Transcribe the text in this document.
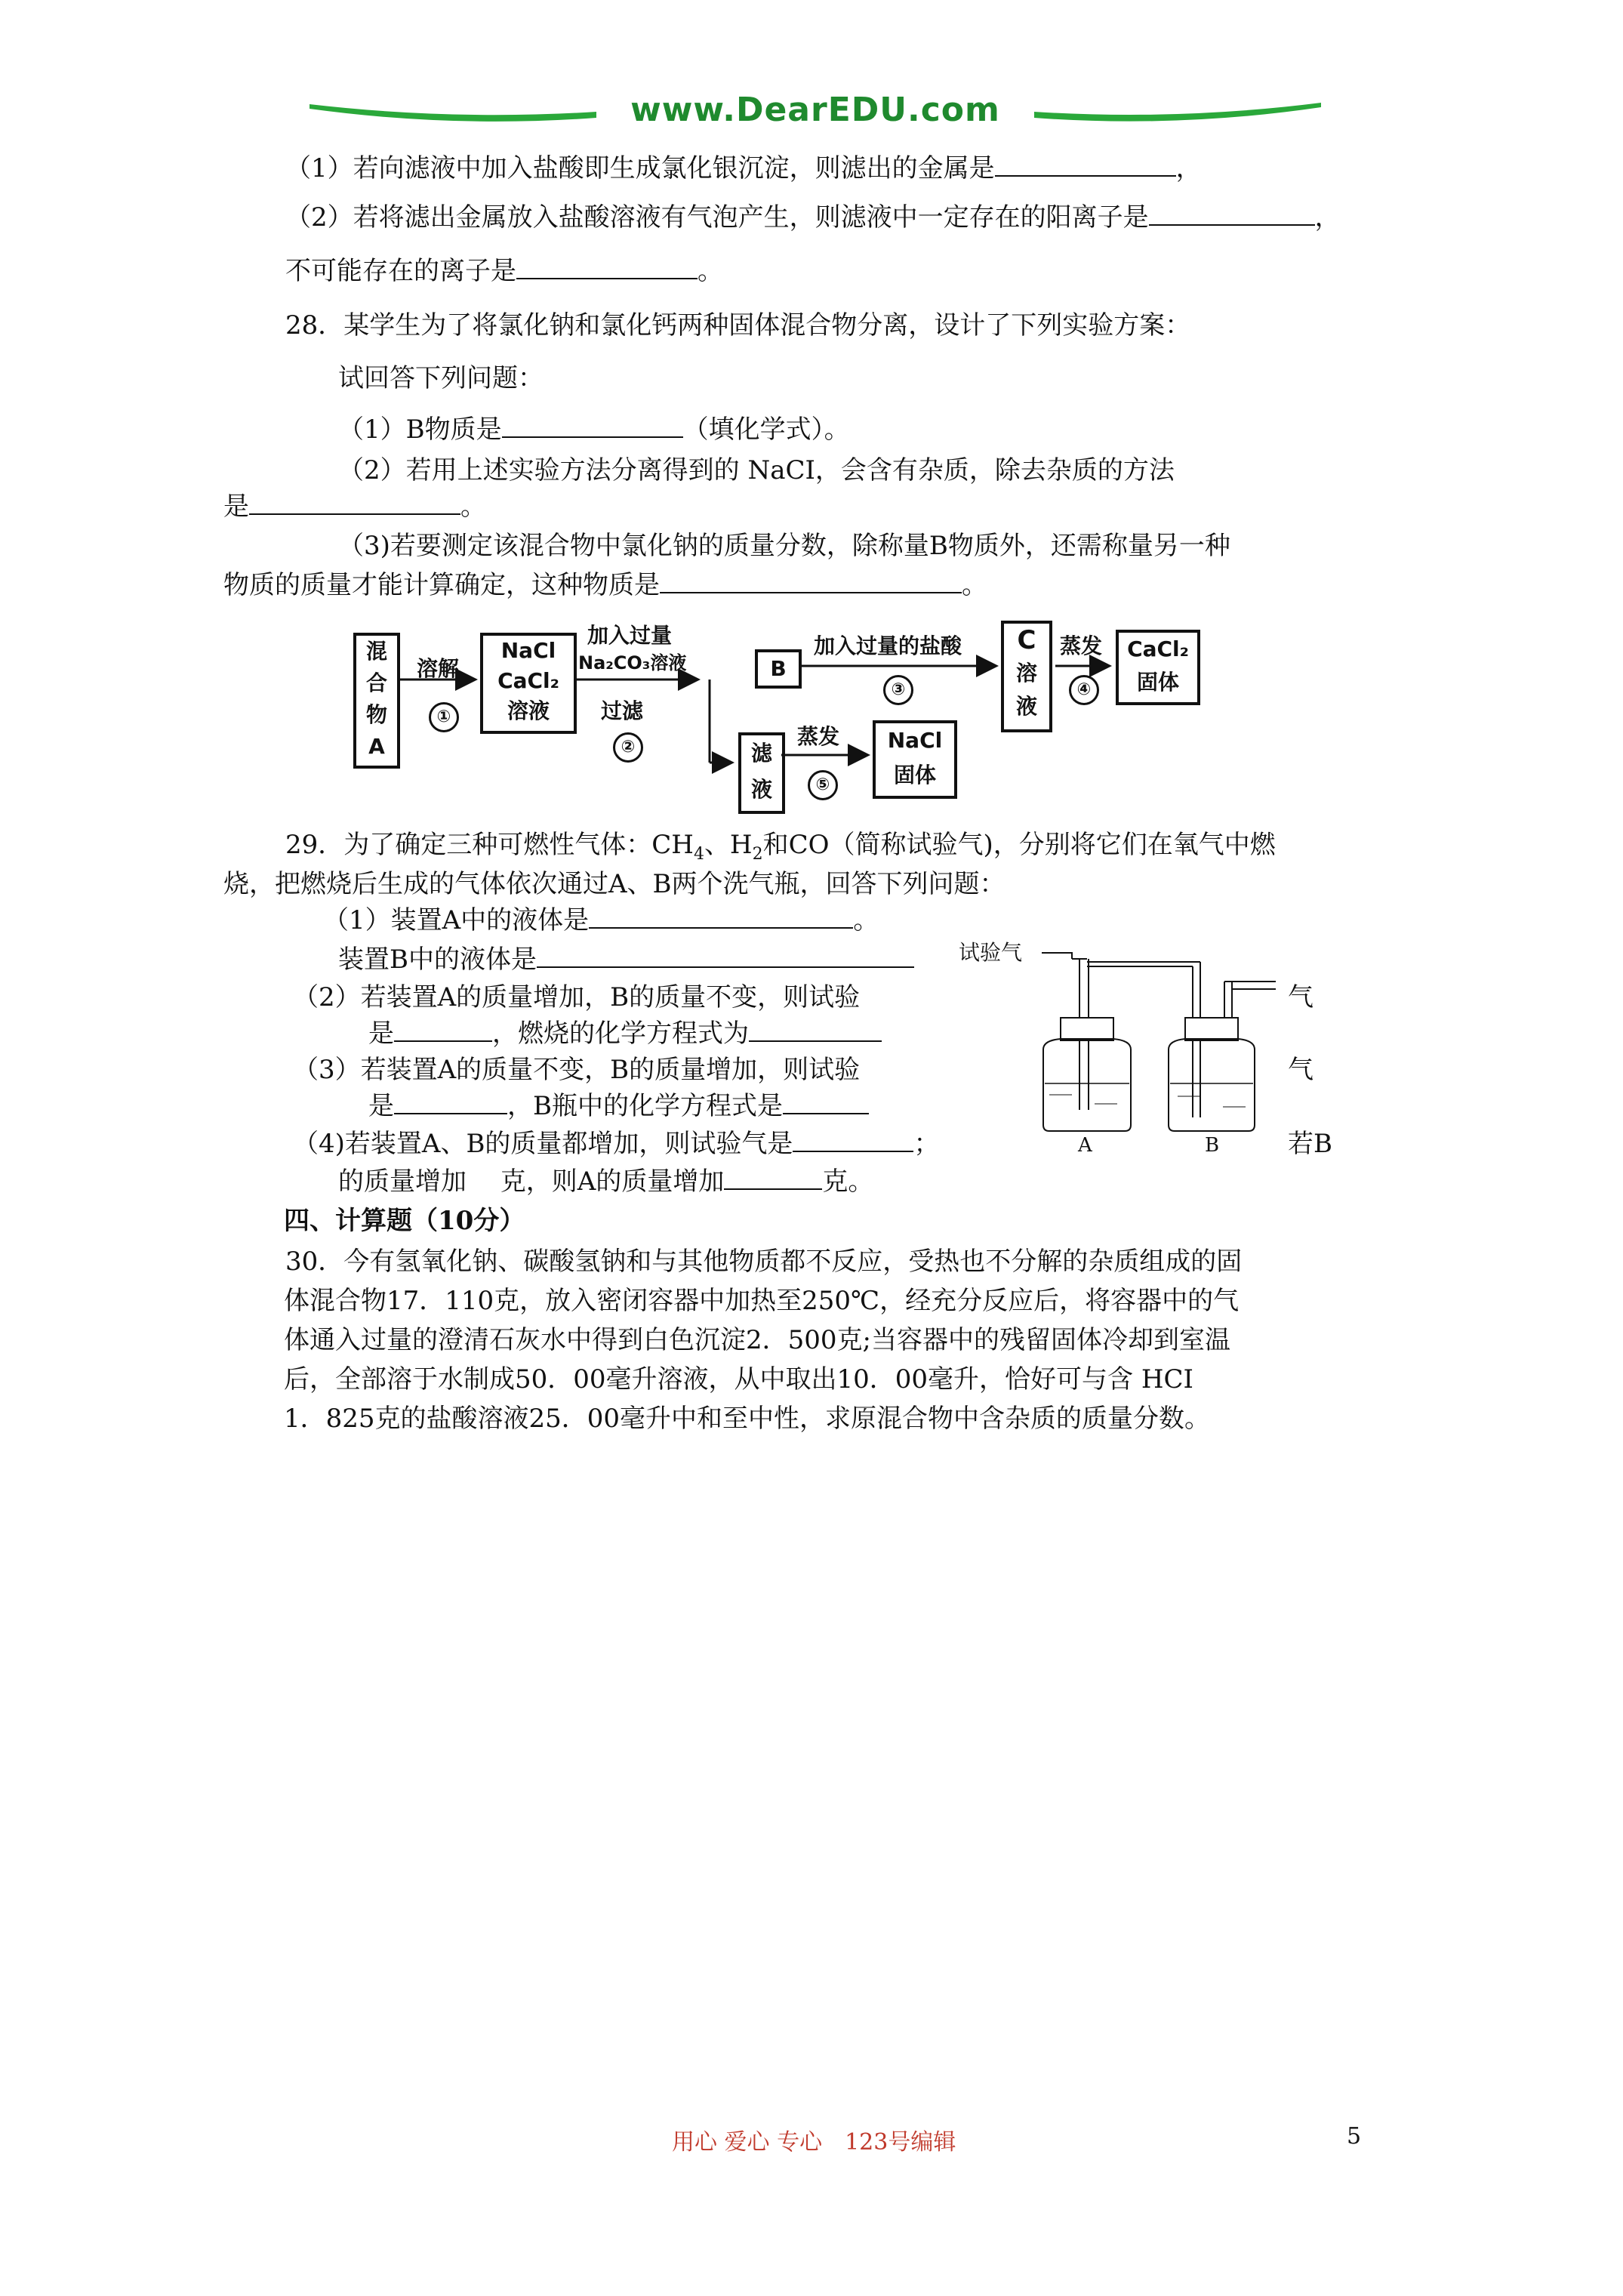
www.DearEDU.com
（1）若向滤液中加入盐酸即生成氯化银沉淀，则滤出的金属是	，
（2）若将滤出金属放入盐酸溶液有气泡产生，则滤液中一定存在的阳离子是	，
不可能存在的离子是	。
28．某学生为了将氯化钠和氯化钙两种固体混合物分离，设计了下列实验方案：
试回答下列问题：
（1）B物质是	（填化学式）。
（2）若用上述实验方法分离得到的 NaCI，会含有杂质，除去杂质的方法
是	。
（3)若要测定该混合物中氯化钠的质量分数，除称量B物质外，还需称量另一种
物质的质量才能计算确定，这种物质是	。
混
合
物
A
溶解
①
NaCl
CaCl₂
溶液
加入过量
Na₂CO₃溶液
过滤
②
B
加入过量的盐酸
③
C
溶
液
蒸发
④
CaCl₂
固体
滤
液
蒸发
⑤
NaCl
固体
29．为了确定三种可燃性气体：$CH_4$、$H_2$和CO（简称试验气)，分别将它们在氧气中燃
烧，把燃烧后生成的气体依次通过A、B两个洗气瓶，回答下列问题：
（1）装置A中的液体是	。
装置B中的液体是
（2）若装置A的质量增加，B的质量不变，则试验	气
是	，燃烧的化学方程式为
（3）若装置A的质量不变，B的质量增加，则试验	气
是	，B瓶中的化学方程式是
（4)若装置A、B的质量都增加，则试验气是	；	若B
的质量增加　 克，则A的质量增加	克。
试验气
A	B
四、计算题（10分）
30．今有氢氧化钠、碳酸氢钠和与其他物质都不反应，受热也不分解的杂质组成的固
体混合物17．110克，放入密闭容器中加热至250℃，经充分反应后，将容器中的气
体通入过量的澄清石灰水中得到白色沉淀2．500克;当容器中的残留固体冷却到室温
后，全部溶于水制成50．00毫升溶液，从中取出10．00毫升，恰好可与含 HCI
1．825克的盐酸溶液25．00毫升中和至中性，求原混合物中含杂质的质量分数。
用心 爱心 专心　123号编辑	5
